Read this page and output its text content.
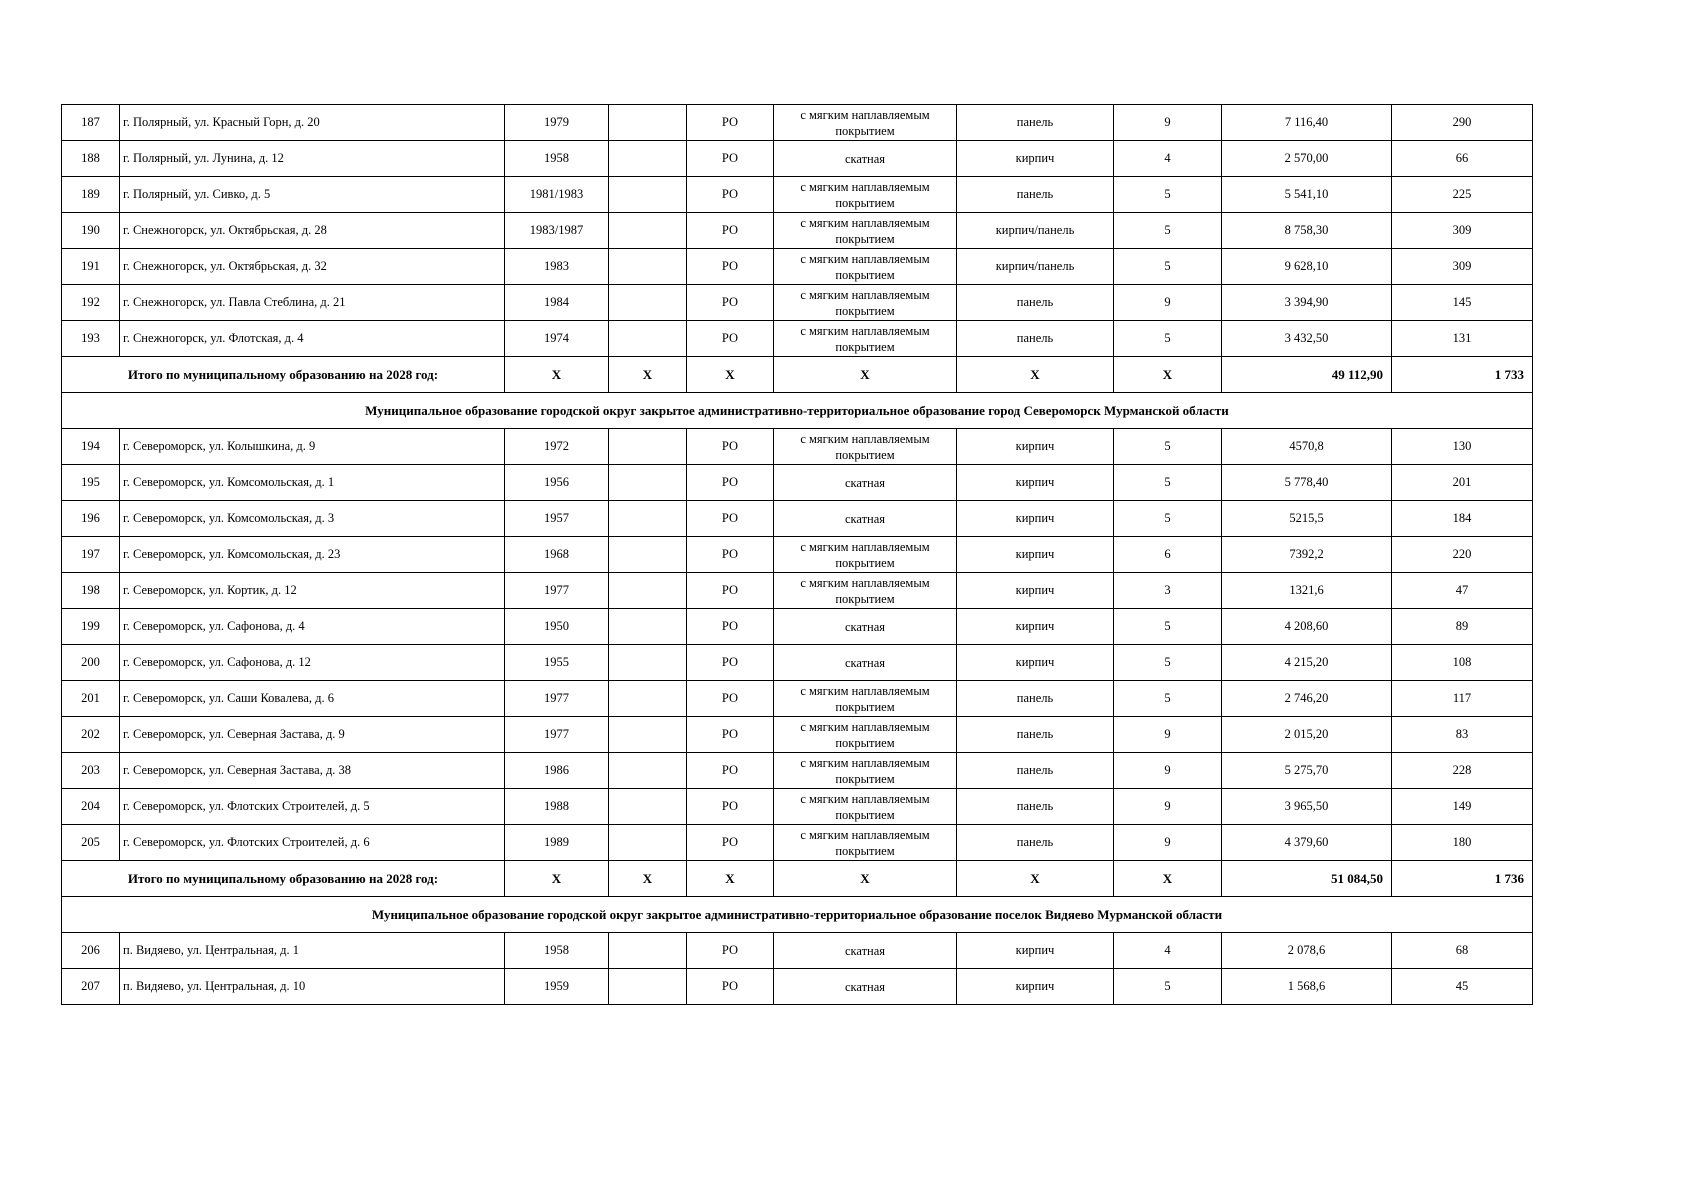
187	г. Полярный, ул. Красный Горн, д. 20	1979		РО	с мягким наплавляемым
покрытием	панель	9	7 116,40	290
188	г. Полярный, ул. Лунина, д. 12	1958		РО	скатная	кирпич	4	2 570,00	66
189	г. Полярный, ул. Сивко, д. 5	1981/1983		РО	с мягким наплавляемым
покрытием	панель	5	5 541,10	225
190	г. Снежногорск, ул. Октябрьская, д. 28	1983/1987		РО	с мягким наплавляемым
покрытием	кирпич/панель	5	8 758,30	309
191	г. Снежногорск, ул. Октябрьская, д. 32	1983		РО	с мягким наплавляемым
покрытием	кирпич/панель	5	9 628,10	309
192	г. Снежногорск, ул. Павла Стеблина, д. 21	1984		РО	с мягким наплавляемым
покрытием	панель	9	3 394,90	145
193	г. Снежногорск, ул. Флотская, д. 4	1974		РО	с мягким наплавляемым
покрытием	панель	5	3 432,50	131
Итого по муниципальному образованию на 2028 год:		X	X	X	X	X	X	49 112,90	1 733
Муниципальное образование городской округ закрытое административно-территориальное образование город Североморск Мурманской области									
194	г. Североморск, ул. Колышкина, д. 9	1972		РО	с мягким наплавляемым
покрытием	кирпич	5	4570,8	130
195	г. Североморск, ул. Комсомольская, д. 1	1956		РО	скатная	кирпич	5	5 778,40	201
196	г. Североморск, ул. Комсомольская, д. 3	1957		РО	скатная	кирпич	5	5215,5	184
197	г. Североморск, ул. Комсомольская, д. 23	1968		РО	с мягким наплавляемым
покрытием	кирпич	6	7392,2	220
198	г. Североморск, ул. Кортик, д. 12	1977		РО	с мягким наплавляемым
покрытием	кирпич	3	1321,6	47
199	г. Североморск, ул. Сафонова, д. 4	1950		РО	скатная	кирпич	5	4 208,60	89
200	г. Североморск, ул. Сафонова, д. 12	1955		РО	скатная	кирпич	5	4 215,20	108
201	г. Североморск, ул. Саши Ковалева, д. 6	1977		РО	с мягким наплавляемым
покрытием	панель	5	2 746,20	117
202	г. Североморск, ул. Северная Застава, д. 9	1977		РО	с мягким наплавляемым
покрытием	панель	9	2 015,20	83
203	г. Североморск, ул. Северная Застава, д. 38	1986		РО	с мягким наплавляемым
покрытием	панель	9	5 275,70	228
204	г. Североморск, ул. Флотских Строителей, д. 5	1988		РО	с мягким наплавляемым
покрытием	панель	9	3 965,50	149
205	г. Североморск, ул. Флотских Строителей, д. 6	1989		РО	с мягким наплавляемым
покрытием	панель	9	4 379,60	180
Итого по муниципальному образованию на 2028 год:		X	X	X	X	X	X	51 084,50	1 736
Муниципальное образование городской округ закрытое административно-территориальное образование поселок Видяево Мурманской области									
206	п. Видяево, ул. Центральная, д. 1	1958		РО	скатная	кирпич	4	2 078,6	68
207	п. Видяево, ул. Центральная, д. 10	1959		РО	скатная	кирпич	5	1 568,6	45
